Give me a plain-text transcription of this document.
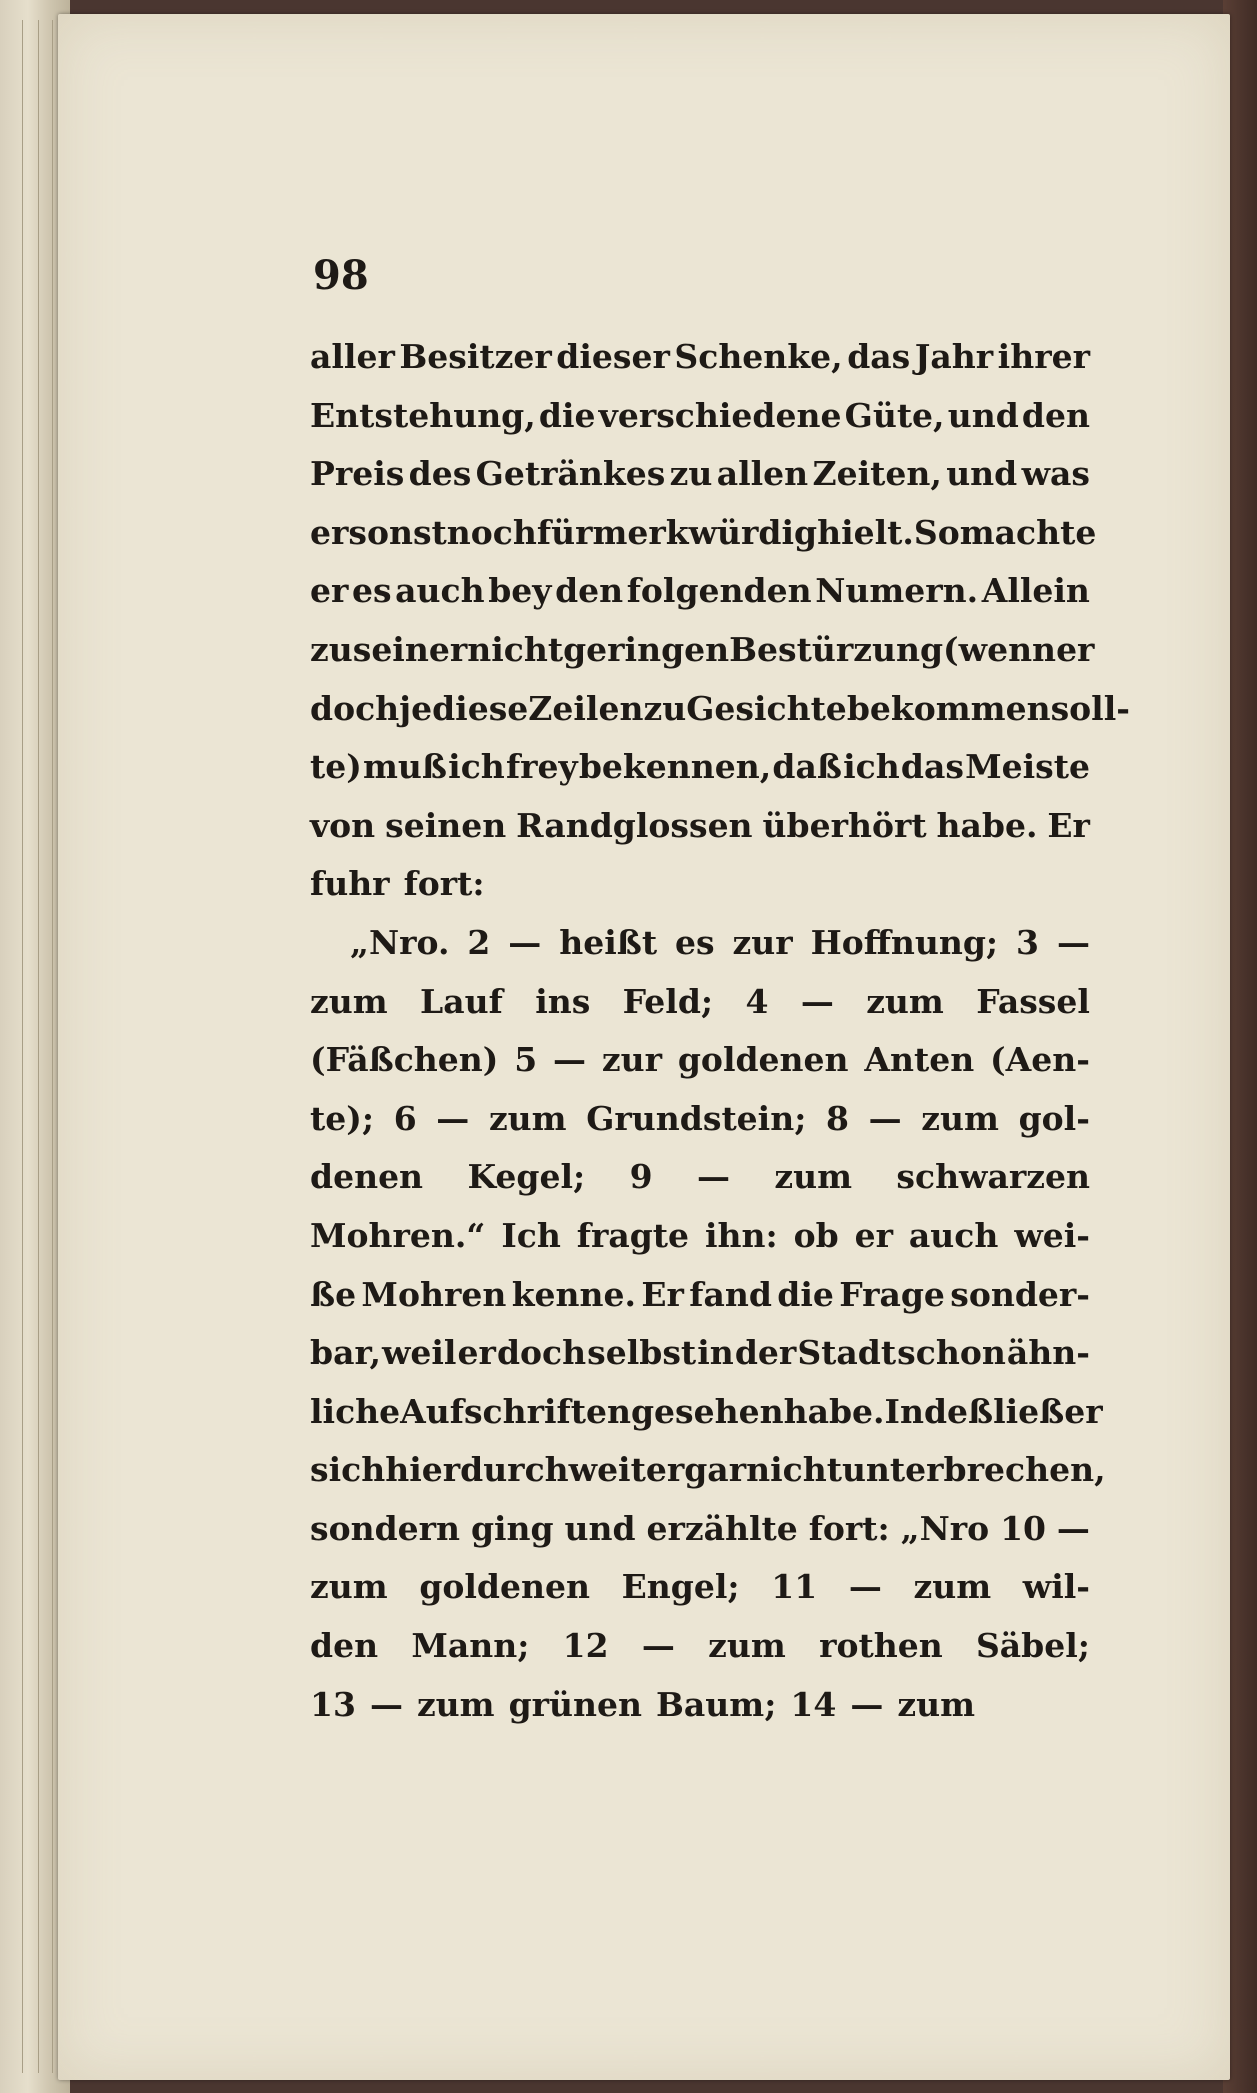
98
aller Besitzer dieser Schenke, das Jahr ihrer
Entstehung, die verschiedene Güte, und den
Preis des Getränkes zu allen Zeiten, und was
er sonst noch für merkwürdig hielt. So machte
er es auch bey den folgenden Numern. Allein
zu seiner nicht geringen Bestürzung (wenn er
doch je diese Zeilen zu Gesichte bekommen soll-
te) muß ich frey bekennen, daß ich das Meiste
von seinen Randglossen überhört habe. Er
fuhr fort:
„Nro. 2 — heißt es zur Hoffnung; 3 —
zum Lauf ins Feld; 4 — zum Fassel
(Fäßchen) 5 — zur goldenen Anten (Aen-
te); 6 — zum Grundstein; 8 — zum gol-
denen Kegel; 9 — zum schwarzen
Mohren.“ Ich fragte ihn: ob er auch wei-
ße Mohren kenne. Er fand die Frage sonder-
bar, weil er doch selbst in der Stadt schon ähn-
liche Aufschriften gesehen habe. Indeß ließ er
sich hierdurch weiter gar nicht unterbrechen,
sondern ging und erzählte fort: „Nro 10 —
zum goldenen Engel; 11 — zum wil-
den Mann; 12 — zum rothen Säbel;
13 — zum grünen Baum; 14 — zum
